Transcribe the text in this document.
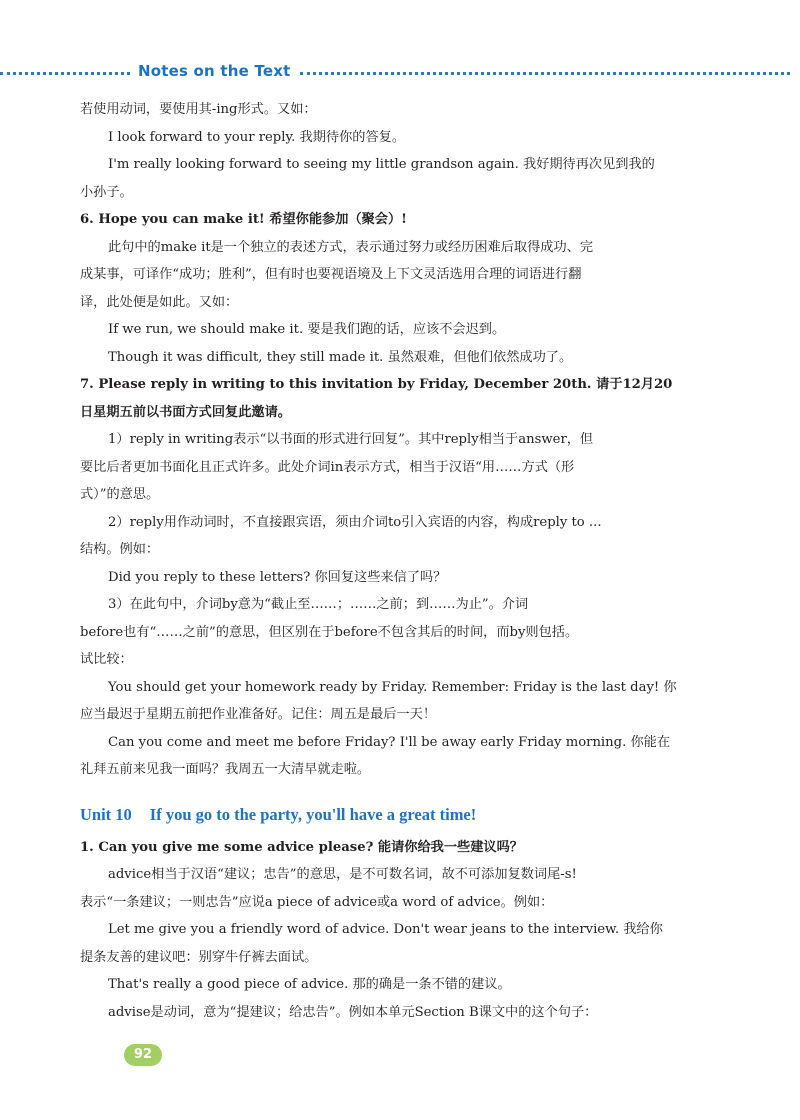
Notes on the Text

若使用动词，要使用其-ing形式。又如：

I look forward to your reply. 我期待你的答复。

I'm really looking forward to seeing my little grandson again. 我好期待再次见到我的

小孙子。

6. Hope you can make it! 希望你能参加（聚会）!

此句中的make it是一个独立的表述方式，表示通过努力或经历困难后取得成功、完

成某事，可译作“成功；胜利”，但有时也要视语境及上下文灵活选用合理的词语进行翻

译，此处便是如此。又如：

If we run, we should make it. 要是我们跑的话，应该不会迟到。

Though it was difficult, they still made it. 虽然艰难，但他们依然成功了。

7. Please reply in writing to this invitation by Friday, December 20th. 请于12月20

日星期五前以书面方式回复此邀请。

1）reply in writing表示“以书面的形式进行回复”。其中reply相当于answer，但

要比后者更加书面化且正式许多。此处介词in表示方式，相当于汉语“用……方式（形

式）”的意思。

2）reply用作动词时，不直接跟宾语，须由介词to引入宾语的内容，构成reply to ...

结构。例如：

Did you reply to these letters? 你回复这些来信了吗？

3）在此句中，介词by意为“截止至……；……之前；到……为止”。介词

before也有“……之前”的意思，但区别在于before不包含其后的时间，而by则包括。

试比较：

You should get your homework ready by Friday. Remember: Friday is the last day! 你

应当最迟于星期五前把作业准备好。记住：周五是最后一天！

Can you come and meet me before Friday? I'll be away early Friday morning. 你能在

礼拜五前来见我一面吗？我周五一大清早就走啦。

Unit 10 If you go to the party, you'll have a great time!

1. Can you give me some advice please? 能请你给我一些建议吗？

advice相当于汉语“建议；忠告”的意思，是不可数名词，故不可添加复数词尾-s!

表示“一条建议；一则忠告”应说a piece of advice或a word of advice。例如：

Let me give you a friendly word of advice. Don't wear jeans to the interview. 我给你

提条友善的建议吧：别穿牛仔裤去面试。

That's really a good piece of advice. 那的确是一条不错的建议。

advise是动词，意为“提建议；给忠告”。例如本单元Section B课文中的这个句子：

92
